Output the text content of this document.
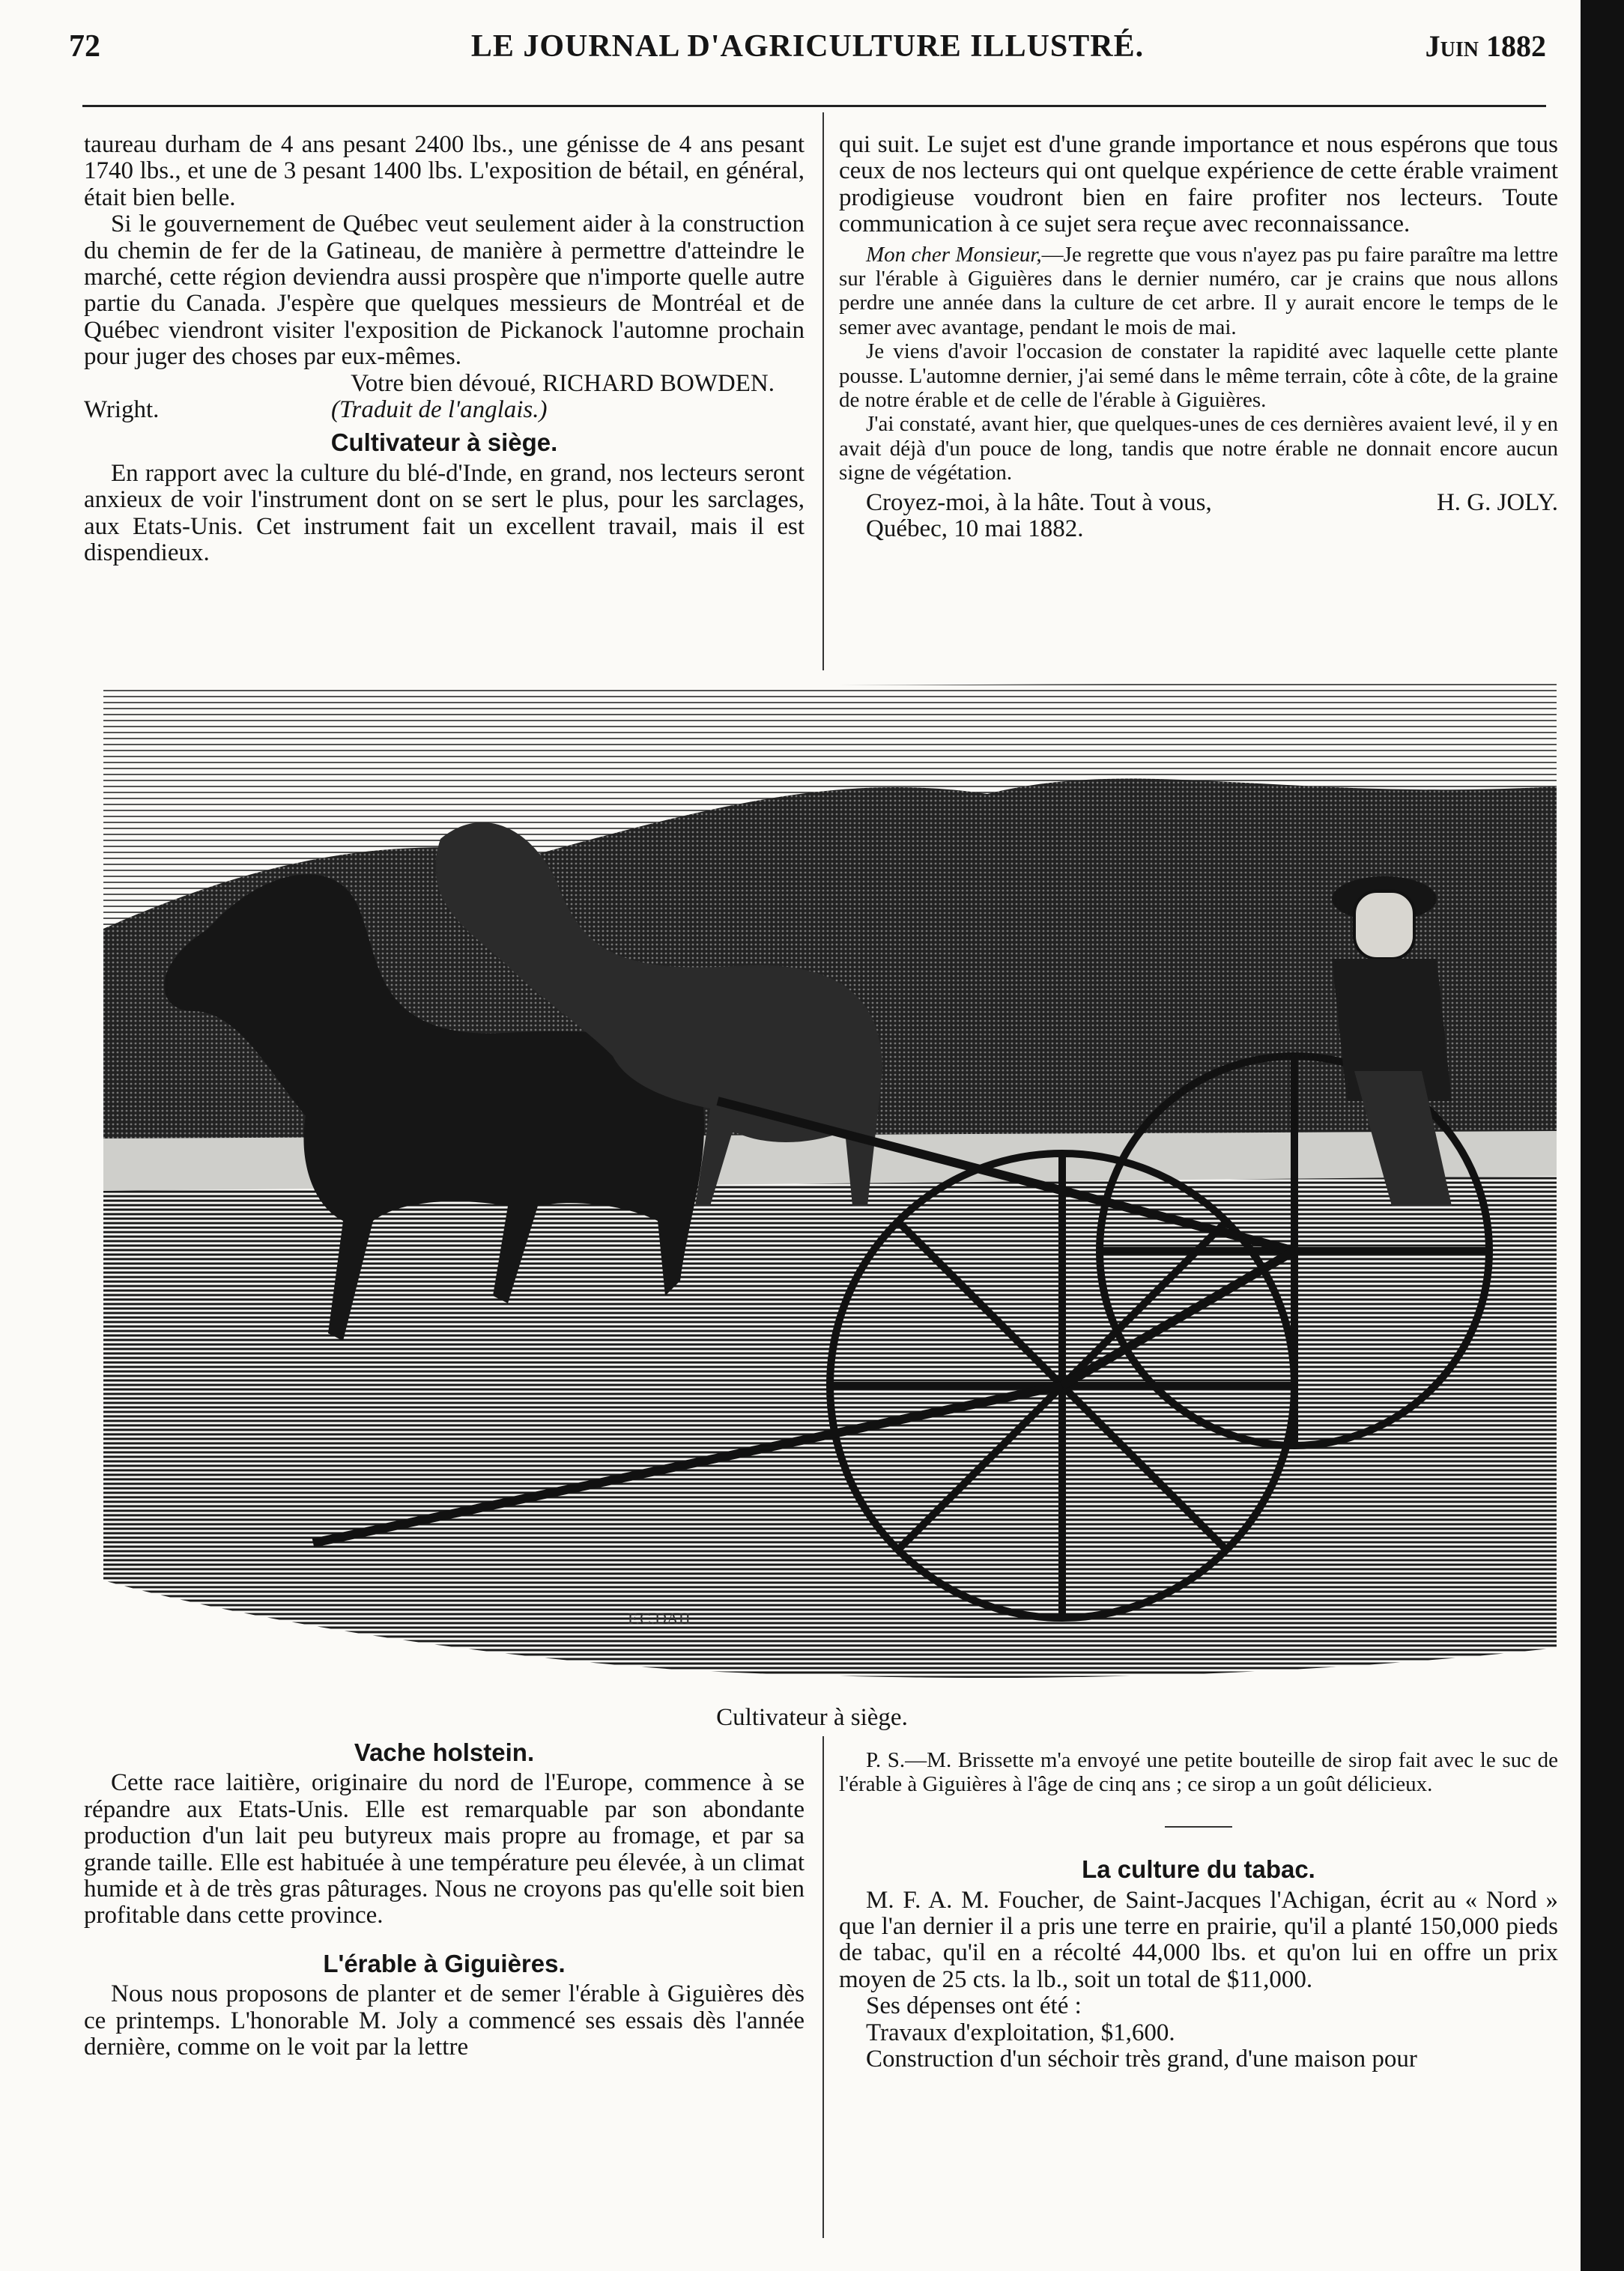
72	LE JOURNAL D'AGRICULTURE ILLUSTRÉ.	Juin 1882

taureau durham de 4 ans pesant 2400 lbs., une génisse de 4 ans pesant 1740 lbs., et une de 3 pesant 1400 lbs. L'exposition de bétail, en général, était bien belle.

Si le gouvernement de Québec veut seulement aider à la construction du chemin de fer de la Gatineau, de manière à permettre d'atteindre le marché, cette région deviendra aussi prospère que n'importe quelle autre partie du Canada. J'espère que quelques messieurs de Montréal et de Québec viendront visiter l'exposition de Pickanock l'automne prochain pour juger des choses par eux-mêmes.

Votre bien dévoué, RICHARD BOWDEN.

Wright.	(Traduit de l'anglais.)

Cultivateur à siège.

En rapport avec la culture du blé-d'Inde, en grand, nos lecteurs seront anxieux de voir l'instrument dont on se sert le plus, pour les sarclages, aux Etats-Unis. Cet instrument fait un excellent travail, mais il est dispendieux.

qui suit. Le sujet est d'une grande importance et nous espérons que tous ceux de nos lecteurs qui ont quelque expérience de cette érable vraiment prodigieuse voudront bien en faire profiter nos lecteurs. Toute communication à ce sujet sera reçue avec reconnaissance.

Mon cher Monsieur,—Je regrette que vous n'ayez pas pu faire paraître ma lettre sur l'érable à Giguières dans le dernier numéro, car je crains que nous allons perdre une année dans la culture de cet arbre. Il y aurait encore le temps de le semer avec avantage, pendant le mois de mai.

Je viens d'avoir l'occasion de constater la rapidité avec laquelle cette plante pousse. L'automne dernier, j'ai semé dans le même terrain, côte à côte, de la graine de notre érable et de celle de l'érable à Giguières.

J'ai constaté, avant hier, que quelques-unes de ces dernières avaient levé, il y en avait déjà d'un pouce de long, tandis que notre érable ne donnait encore aucun signe de végétation.

Croyez-moi, à la hâte. Tout à vous,	H. G. JOLY.

Québec, 10 mai 1882.

F.C.DAH
Cultivateur à siège.
Vache holstein.

Cette race laitière, originaire du nord de l'Europe, commence à se répandre aux Etats-Unis. Elle est remarquable par son abondante production d'un lait peu butyreux mais propre au fromage, et par sa grande taille. Elle est habituée à une température peu élevée, à un climat humide et à de très gras pâturages. Nous ne croyons pas qu'elle soit bien profitable dans cette province.

L'érable à Giguières.

Nous nous proposons de planter et de semer l'érable à Giguières dès ce printemps. L'honorable M. Joly a commencé ses essais dès l'année dernière, comme on le voit par la lettre

P. S.—M. Brissette m'a envoyé une petite bouteille de sirop fait avec le suc de l'érable à Giguières à l'âge de cinq ans ; ce sirop a un goût délicieux.

La culture du tabac.

M. F. A. M. Foucher, de Saint-Jacques l'Achigan, écrit au « Nord » que l'an dernier il a pris une terre en prairie, qu'il a planté 150,000 pieds de tabac, qu'il en a récolté 44,000 lbs. et qu'on lui en offre un prix moyen de 25 cts. la lb., soit un total de $11,000.

Ses dépenses ont été :

Travaux d'exploitation, $1,600.

Construction d'un séchoir très grand, d'une maison pour
